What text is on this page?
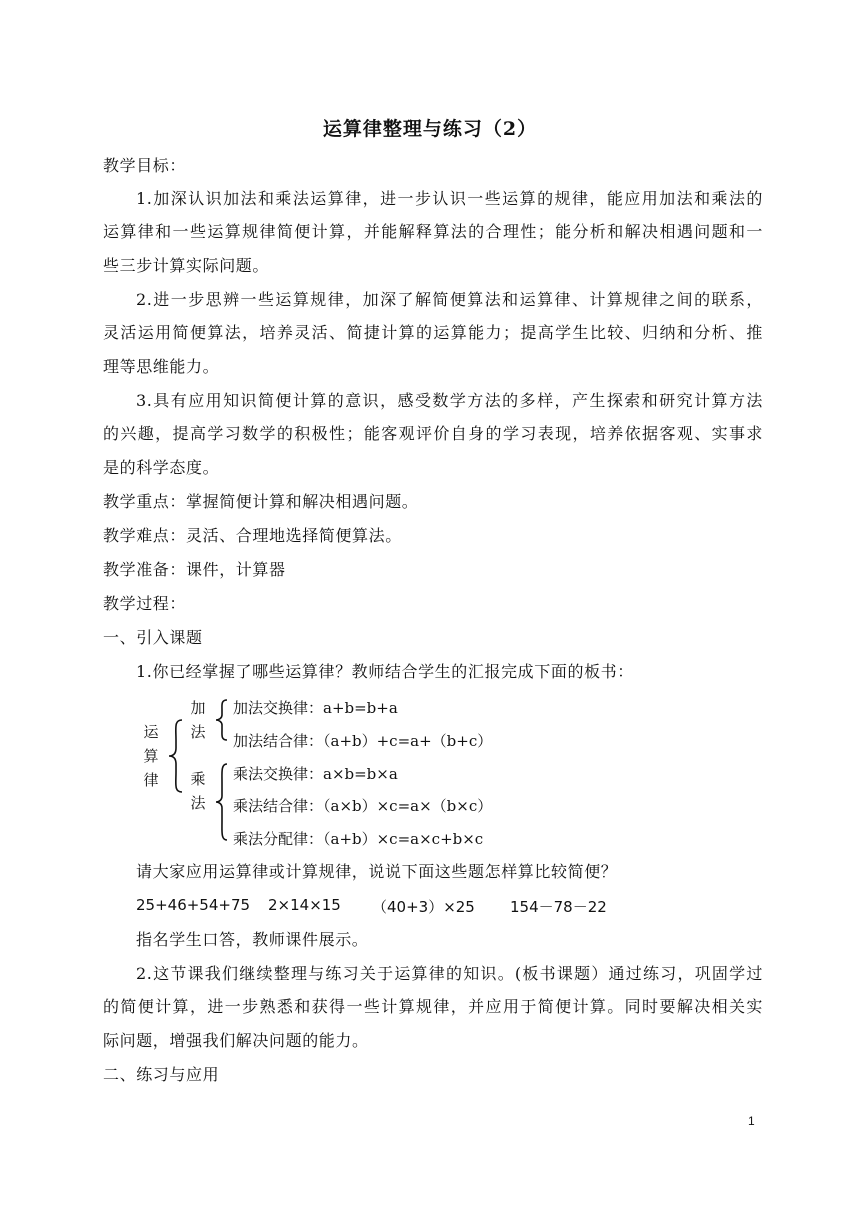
运算律整理与练习（2）
教学目标：
1.加深认识加法和乘法运算律，进一步认识一些运算的规律，能应用加法和乘法的
运算律和一些运算规律简便计算，并能解释算法的合理性；能分析和解决相遇问题和一
些三步计算实际问题。
2.进一步思辨一些运算规律，加深了解简便算法和运算律、计算规律之间的联系，
灵活运用简便算法，培养灵活、简捷计算的运算能力；提高学生比较、归纳和分析、推
理等思维能力。
3.具有应用知识简便计算的意识，感受数学方法的多样，产生探索和研究计算方法
的兴趣，提高学习数学的积极性；能客观评价自身的学习表现，培养依据客观、实事求
是的科学态度。
教学重点：掌握简便计算和解决相遇问题。
教学难点：灵活、合理地选择简便算法。
教学准备：课件，计算器
教学过程：
一、引入课题
1.你已经掌握了哪些运算律？教师结合学生的汇报完成下面的板书：
运
算
律
加
法
加法交换律：a+b=b+a
加法结合律：（a+b）+c=a+（b+c）
乘
法
乘法交换律：a×b=b×a
乘法结合律：（a×b）×c=a×（b×c）
乘法分配律：（a+b）×c=a×c+b×c
请大家应用运算律或计算规律，说说下面这些题怎样算比较简便？
25+46+54+75 2×14×15 （40+3）×25 154－78－22
指名学生口答，教师课件展示。
2.这节课我们继续整理与练习关于运算律的知识。(板书课题）通过练习，巩固学过
的简便计算，进一步熟悉和获得一些计算规律，并应用于简便计算。同时要解决相关实
际问题，增强我们解决问题的能力。
二、练习与应用
1
